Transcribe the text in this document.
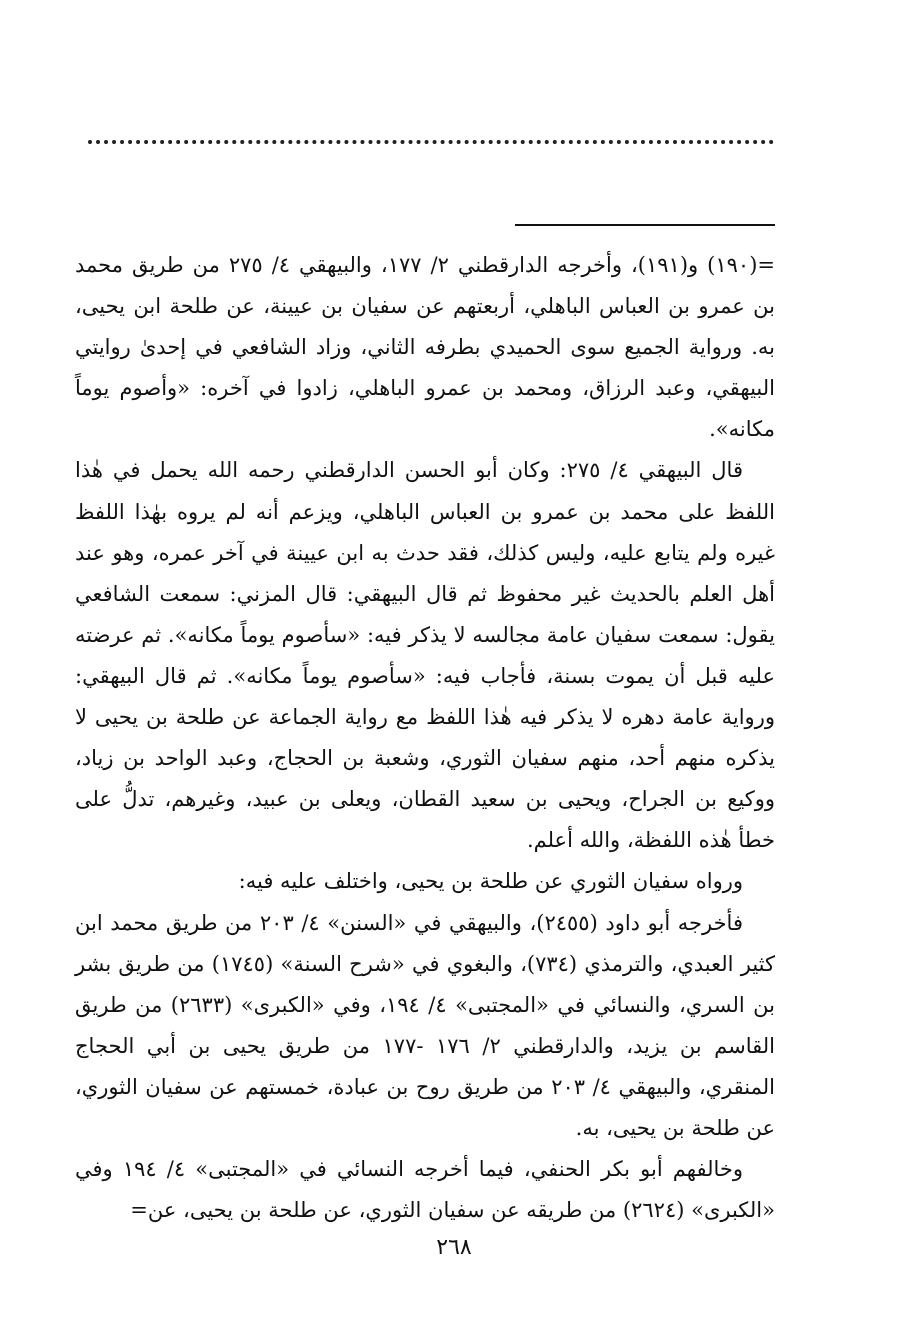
=(١٩٠) و(١٩١)، وأخرجه الدارقطني ٢/ ١٧٧، والبيهقي ٤/ ٢٧٥ من طريق محمد بن عمرو بن العباس الباهلي، أربعتهم عن سفيان بن عيينة، عن طلحة ابن يحيى، به. ورواية الجميع سوى الحميدي بطرفه الثاني، وزاد الشافعي في إحدىٰ روايتي البيهقي، وعبد الرزاق، ومحمد بن عمرو الباهلي، زادوا في آخره: «وأصوم يوماً مكانه».

قال البيهقي ٤/ ٢٧٥: وكان أبو الحسن الدارقطني رحمه الله يحمل في هٰذا اللفظ على محمد بن عمرو بن العباس الباهلي، ويزعم أنه لم يروه بهٰذا اللفظ غيره ولم يتابع عليه، وليس كذلك، فقد حدث به ابن عيينة في آخر عمره، وهو عند أهل العلم بالحديث غير محفوظ ثم قال البيهقي: قال المزني: سمعت الشافعي يقول: سمعت سفيان عامة مجالسه لا يذكر فيه: «سأصوم يوماً مكانه». ثم عرضته عليه قبل أن يموت بسنة، فأجاب فيه: «سأصوم يوماً مكانه». ثم قال البيهقي: ورواية عامة دهره لا يذكر فيه هٰذا اللفظ مع رواية الجماعة عن طلحة بن يحيى لا يذكره منهم أحد، منهم سفيان الثوري، وشعبة بن الحجاج، وعبد الواحد بن زياد، ووكيع بن الجراح، ويحيى بن سعيد القطان، ويعلى بن عبيد، وغيرهم، تدلُّ على خطأ هٰذه اللفظة، والله أعلم.

ورواه سفيان الثوري عن طلحة بن يحيى، واختلف عليه فيه:

فأخرجه أبو داود (٢٤٥٥)، والبيهقي في «السنن» ٤/ ٢٠٣ من طريق محمد ابن كثير العبدي، والترمذي (٧٣٤)، والبغوي في «شرح السنة» (١٧٤٥) من طريق بشر بن السري، والنسائي في «المجتبى» ٤/ ١٩٤، وفي «الكبرى» (٢٦٣٣) من طريق القاسم بن يزيد، والدارقطني ٢/ ١٧٦ -١٧٧ من طريق يحيى بن أبي الحجاج المنقري، والبيهقي ٤/ ٢٠٣ من طريق روح بن عبادة، خمستهم عن سفيان الثوري، عن طلحة بن يحيى، به.

وخالفهم أبو بكر الحنفي، فيما أخرجه النسائي في «المجتبى» ٤/ ١٩٤ وفي «الكبرى» (٢٦٢٤) من طريقه عن سفيان الثوري، عن طلحة بن يحيى، عن=

٢٦٨
